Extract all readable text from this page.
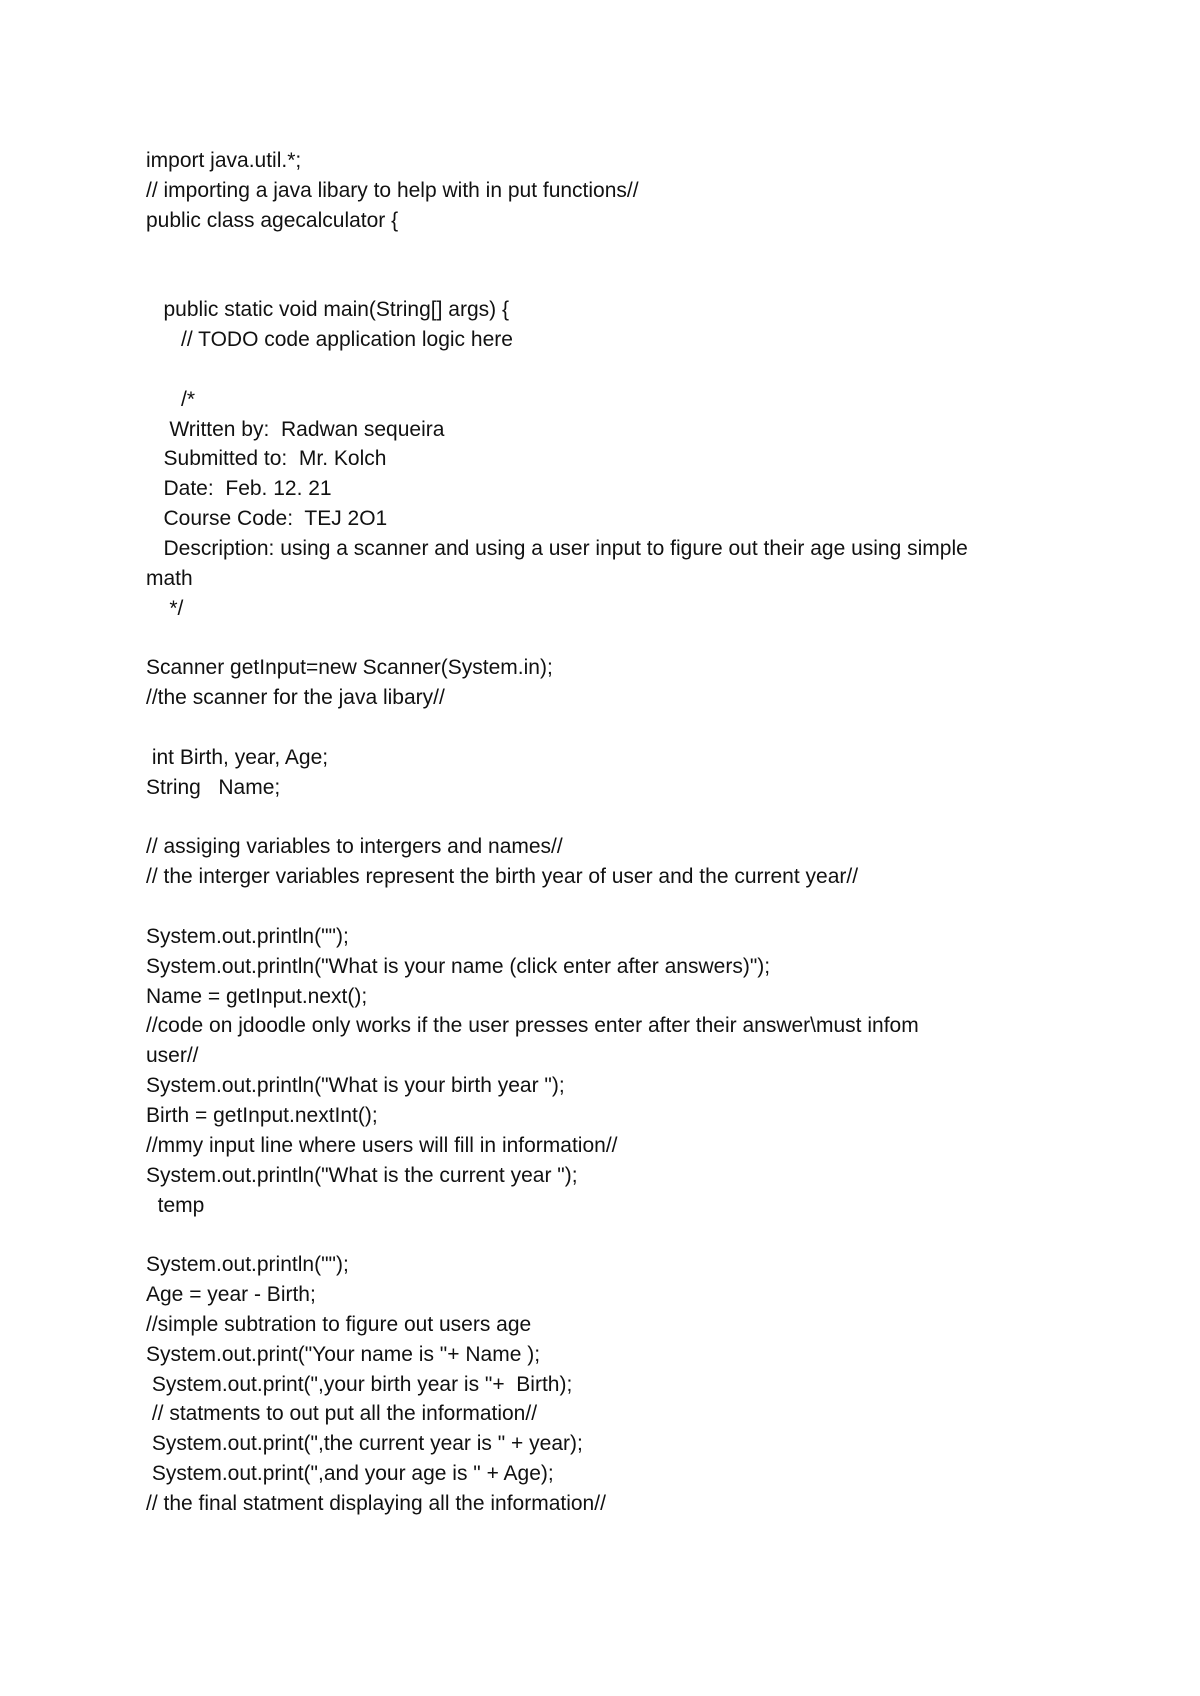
import java.util.*;
// importing a java libary to help with in put functions//
public class agecalculator {
public static void main(String[] args) {
// TODO code application logic here
/*
Written by:  Radwan sequeira
Submitted to:  Mr. Kolch
Date:  Feb. 12. 21
Course Code:  TEJ 2O1
Description: using a scanner and using a user input to figure out their age using simple
math
*/
Scanner getInput=new Scanner(System.in);
//the scanner for the java libary//
int Birth, year, Age;
String   Name;
// assiging variables to intergers and names//
// the interger variables represent the birth year of user and the current year//
System.out.println("");
System.out.println("What is your name (click enter after answers)");
Name = getInput.next();
//code on jdoodle only works if the user presses enter after their answer\must infom
user//
System.out.println("What is your birth year ");
Birth = getInput.nextInt();
//mmy input line where users will fill in information//
System.out.println("What is the current year ");
temp
System.out.println("");
Age = year - Birth;
//simple subtration to figure out users age
System.out.print("Your name is "+ Name );
System.out.print(",your birth year is "+  Birth);
// statments to out put all the information//
System.out.print(",the current year is " + year);
System.out.print(",and your age is " + Age);
// the final statment displaying all the information//
